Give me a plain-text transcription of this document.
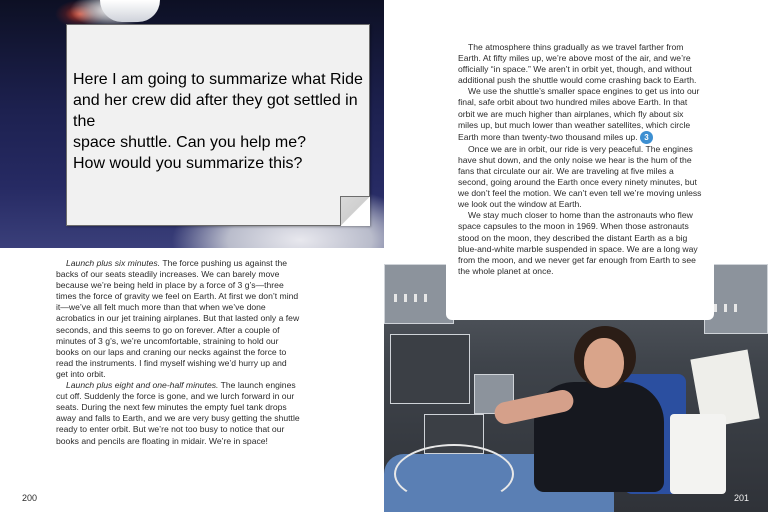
Here I am going to summarize what Ride
and her crew did after they got settled in the
space shuttle. Can you help me?
How would you summarize this?

Launch plus six minutes. The force pushing us against the backs of our seats steadily increases. We can barely move because we’re being held in place by a force of 3 g’s—three times the force of gravity we feel on Earth. At first we don’t mind it—we’ve all felt much more than that when we’ve done acrobatics in our jet training airplanes. But that lasted only a few seconds, and this seems to go on forever. After a couple of minutes of 3 g’s, we’re uncomfortable, straining to hold our books on our laps and craning our necks against the force to read the instruments. I find myself wishing we’d hurry up and get into orbit.

Launch plus eight and one-half minutes. The launch engines cut off. Suddenly the force is gone, and we lurch forward in our seats. During the next few minutes the empty fuel tank drops away and falls to Earth, and we are very busy getting the shuttle ready to enter orbit. But we’re not too busy to notice that our books and pencils are floating in midair. We’re in space!

200

The atmosphere thins gradually as we travel farther from Earth. At fifty miles up, we’re above most of the air, and we’re officially “in space.” We aren’t in orbit yet, though, and without additional push the shuttle would come crashing back to Earth.

We use the shuttle’s smaller space engines to get us into our final, safe orbit about two hundred miles above Earth. In that orbit we are much higher than airplanes, which fly about six miles up, but much lower than weather satellites, which circle Earth more than twenty-two thousand miles up. 3

Once we are in orbit, our ride is very peaceful. The engines have shut down, and the only noise we hear is the hum of the fans that circulate our air. We are traveling at five miles a second, going around the Earth once every ninety minutes, but we don’t feel the motion. We can’t even tell we’re moving unless we look out the window at Earth.

We stay much closer to home than the astronauts who flew space capsules to the moon in 1969. When those astronauts stood on the moon, they described the distant Earth as a big blue-and-white marble suspended in space. We are a long way from the moon, and we never get far enough from Earth to see the whole planet at once.

201
